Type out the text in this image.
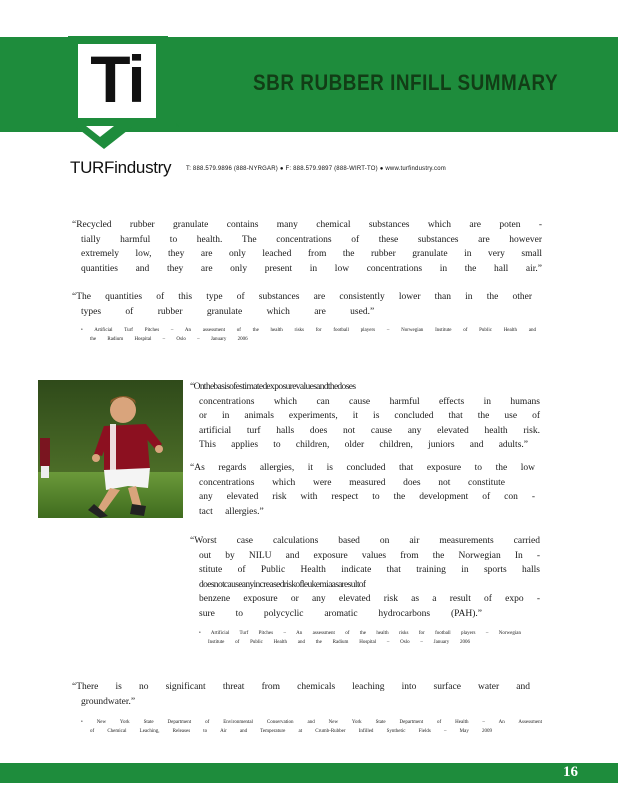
Ti
TM
TURFindustry T: 888.579.9896 (888-NYRGAR) ● F: 888.579.9897 (888-WIRT-TO) ● www.turfindustry.com
SBR RUBBER INFILL SUMMARY

“Recycled rubber granulate contains many chemical substances which are poten -

tially harmful to health. The concentrations of these substances are however

extremely low, they are only leached from the rubber granulate in very small

quantities and they are only present in low concentrations in the hall air.”

“The quantities of this type of substances are consistently lower than in the other

types of rubber granulate which are used.”

• Artificial Turf Pitches – An assessment of the health risks for football players – Norwegian Institute of Public Health and
the Radium Hospital – Oslo – January 2006

“On the basis of estimated exposure values and the doses

concentrations which can cause harmful effects in humans

or in animals experiments, it is concluded that the use of

artificial turf halls does not cause any elevated health risk.

This applies to children, older children, juniors and adults.”

“As regards allergies, it is concluded that exposure to the low

concentrations which were measured does not constitute

any elevated risk with respect to the development of con -

tact allergies.”

“Worst case calculations based on air measurements carried

out by NILU and exposure values from the Norwegian In -

stitute of Public Health indicate that training in sports halls

does not cause any increased risk of leukemia as a result of

benzene exposure or any elevated risk as a result of expo -

sure to polycyclic aromatic hydrocarbons (PAH).”

• Artificial Turf Pitches – An assessment of the health risks for football players – Norwegian
Institute of Public Health and the Radium Hospital – Oslo – January 2006

“There is no significant threat from chemicals leaching into surface water and

groundwater.”

• New York State Department of Environmental Conservation and New York State Department of Health – An Assessment
of Chemical Leaching, Releases to Air and Temperature at Crumb-Rubber Infilled Synthetic Fields – May 2009
16
